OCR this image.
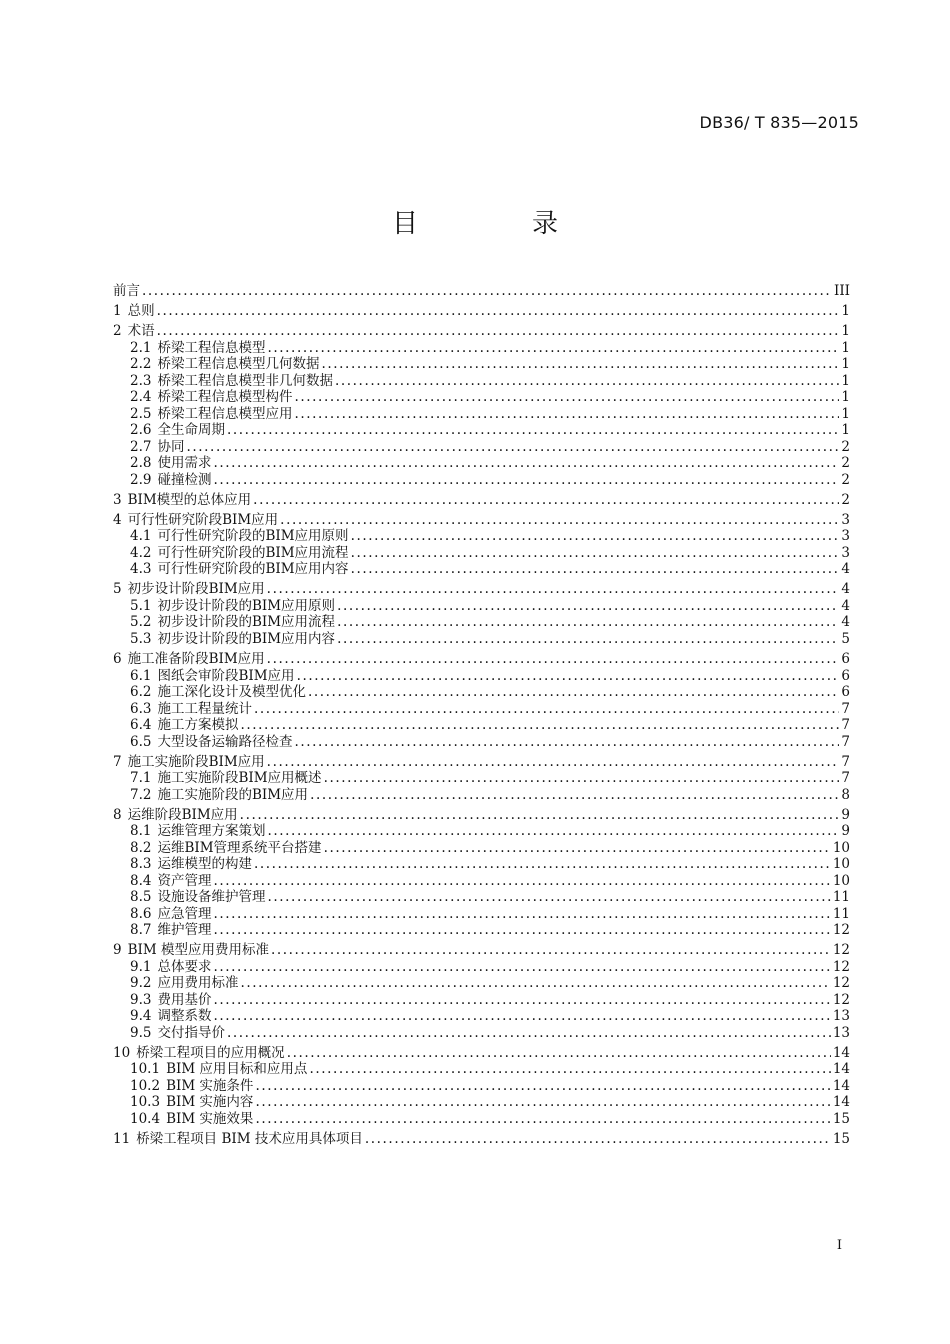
DB36/ T 835—2015
目　录
前言 .....	III
1 总则 .....	1
2 术语 .....	1
2.1 桥梁工程信息模型 .....	1
2.2 桥梁工程信息模型几何数据 .....	1
2.3 桥梁工程信息模型非几何数据 .....	1
2.4 桥梁工程信息模型构件 .....	1
2.5 桥梁工程信息模型应用 .....	1
2.6 全生命周期 .....	1
2.7 协同 .....	2
2.8 使用需求 .....	2
2.9 碰撞检测 .....	2
3 BIM模型的总体应用 .....	2
4 可行性研究阶段BIM应用 .....	3
4.1 可行性研究阶段的BIM应用原则 .....	3
4.2 可行性研究阶段的BIM应用流程 .....	3
4.3 可行性研究阶段的BIM应用内容 .....	4
5 初步设计阶段BIM应用 .....	4
5.1 初步设计阶段的BIM应用原则 .....	4
5.2 初步设计阶段的BIM应用流程 .....	4
5.3 初步设计阶段的BIM应用内容 .....	5
6 施工准备阶段BIM应用 .....	6
6.1 图纸会审阶段BIM应用 .....	6
6.2 施工深化设计及模型优化 .....	6
6.3 施工工程量统计 .....	7
6.4 施工方案模拟 .....	7
6.5 大型设备运输路径检查 .....	7
7 施工实施阶段BIM应用 .....	7
7.1 施工实施阶段BIM应用概述 .....	7
7.2 施工实施阶段的BIM应用 .....	8
8 运维阶段BIM应用 .....	9
8.1 运维管理方案策划 .....	9
8.2 运维BIM管理系统平台搭建 .....	10
8.3 运维模型的构建 .....	10
8.4 资产管理 .....	10
8.5 设施设备维护管理 .....	11
8.6 应急管理 .....	11
8.7 维护管理 .....	12
9 BIM 模型应用费用标准 .....	12
9.1 总体要求 .....	12
9.2 应用费用标准 .....	12
9.3 费用基价 .....	12
9.4 调整系数 .....	13
9.5 交付指导价 .....	13
10 桥梁工程项目的应用概况 .....	14
10.1 BIM 应用目标和应用点 .....	14
10.2 BIM 实施条件 .....	14
10.3 BIM 实施内容 .....	14
10.4 BIM 实施效果 .....	15
11 桥梁工程项目 BIM 技术应用具体项目 .....	15
I
